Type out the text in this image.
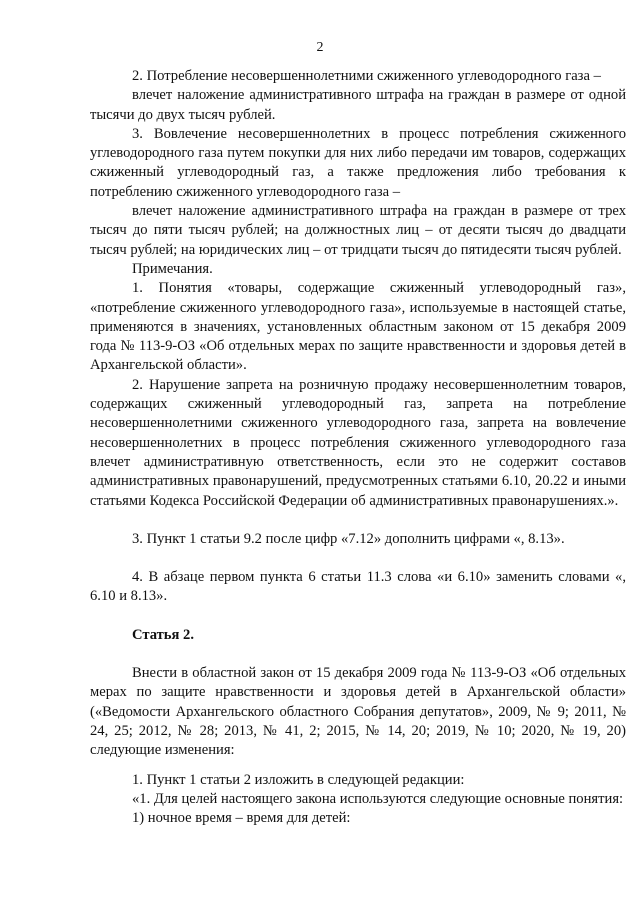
2

2. Потребление несовершеннолетними сжиженного углеводородного газа –

влечет наложение административного штрафа на граждан в размере от одной тысячи до двух тысяч рублей.

3. Вовлечение несовершеннолетних в процесс потребления сжиженного углеводородного газа путем покупки для них либо передачи им товаров, содержащих сжиженный углеводородный газ, а также предложения либо требования к потреблению сжиженного углеводородного газа –

влечет наложение административного штрафа на граждан в размере от трех тысяч до пяти тысяч рублей; на должностных лиц – от десяти тысяч до двадцати тысяч рублей; на юридических лиц – от тридцати тысяч до пятидесяти тысяч рублей.

Примечания.

1. Понятия «товары, содержащие сжиженный углеводородный газ», «потребление сжиженного углеводородного газа», используемые в настоящей статье, применяются в значениях, установленных областным законом от 15 декабря 2009 года № 113-9-ОЗ «Об отдельных мерах по защите нравственности и здоровья детей в Архангельской области».

2. Нарушение запрета на розничную продажу несовершеннолетним товаров, содержащих сжиженный углеводородный газ, запрета на потребление несовершеннолетними сжиженного углеводородного газа, запрета на вовлечение несовершеннолетних в процесс потребления сжиженного углеводородного газа влечет административную ответственность, если это не содержит составов административных правонарушений, предусмотренных статьями 6.10, 20.22 и иными статьями Кодекса Российской Федерации об административных правонарушениях.».

3. Пункт 1 статьи 9.2 после цифр «7.12» дополнить цифрами «, 8.13».

4. В абзаце первом пункта 6 статьи 11.3 слова «и 6.10» заменить словами «, 6.10 и 8.13».

Статья 2.

Внести в областной закон от 15 декабря 2009 года № 113-9-ОЗ «Об отдельных мерах по защите нравственности и здоровья детей в Архангельской области» («Ведомости Архангельского областного Собрания депутатов», 2009, № 9; 2011, № 24, 25; 2012, № 28; 2013, № 41, 2; 2015, № 14, 20; 2019, № 10; 2020, № 19, 20) следующие изменения:

1. Пункт 1 статьи 2 изложить в следующей редакции:

«1. Для целей настоящего закона используются следующие основные понятия:

1) ночное время – время для детей:
